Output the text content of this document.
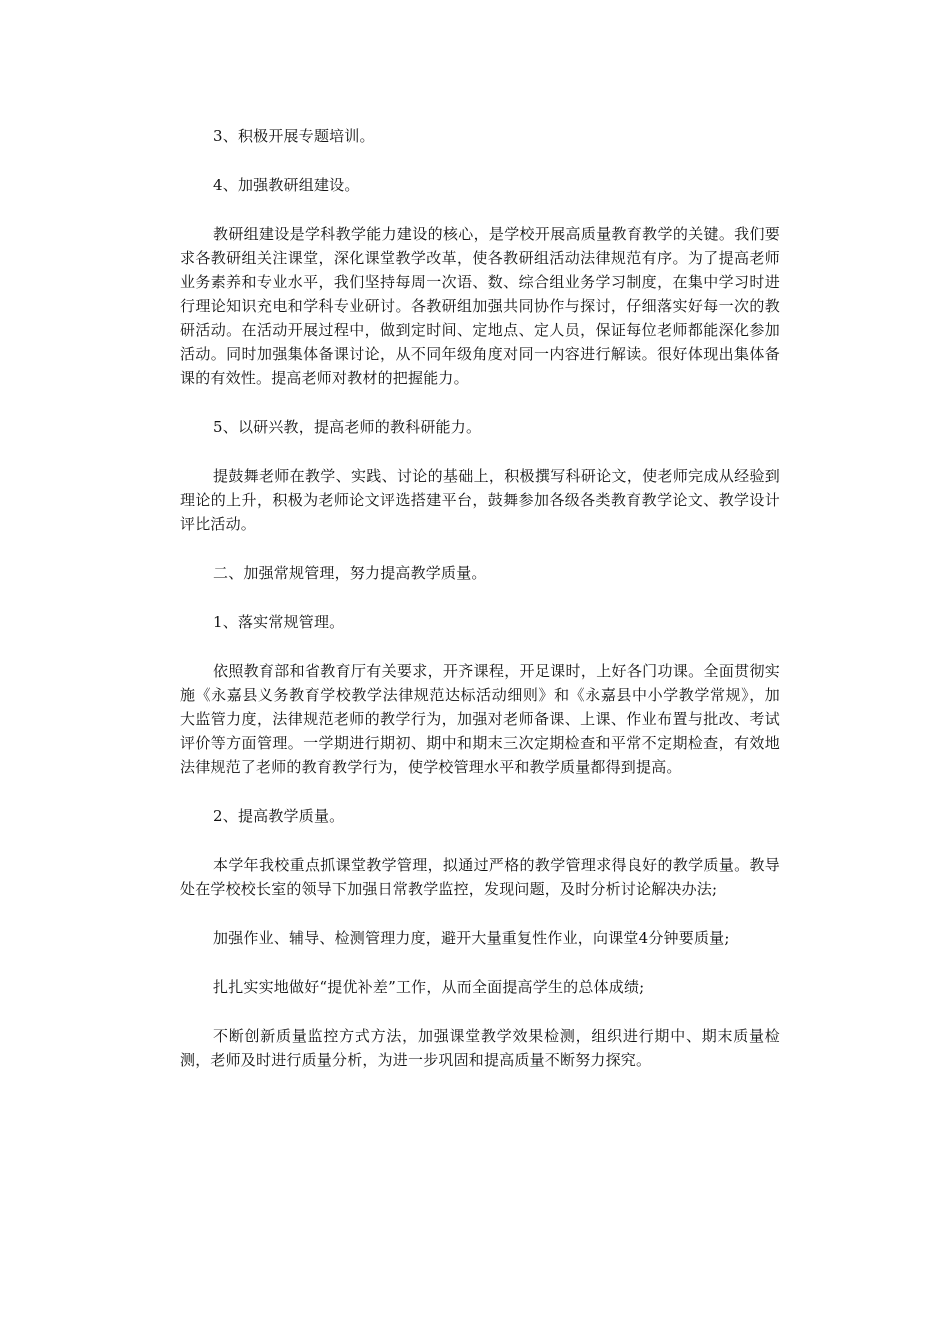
3、积极开展专题培训。

4、加强教研组建设。

教研组建设是学科教学能力建设的核心，是学校开展高质量教育教学的关键。我们要求各教研组关注课堂，深化课堂教学改革，使各教研组活动法律规范有序。为了提高老师业务素养和专业水平，我们坚持每周一次语、数、综合组业务学习制度，在集中学习时进行理论知识充电和学科专业研讨。各教研组加强共同协作与探讨，仔细落实好每一次的教研活动。在活动开展过程中，做到定时间、定地点、定人员，保证每位老师都能深化参加活动。同时加强集体备课讨论，从不同年级角度对同一内容进行解读。很好体现出集体备课的有效性。提高老师对教材的把握能力。

5、以研兴教，提高老师的教科研能力。

提鼓舞老师在教学、实践、讨论的基础上，积极撰写科研论文，使老师完成从经验到理论的上升，积极为老师论文评选搭建平台，鼓舞参加各级各类教育教学论文、教学设计评比活动。

二、加强常规管理，努力提高教学质量。

1、落实常规管理。

依照教育部和省教育厅有关要求，开齐课程，开足课时，上好各门功课。全面贯彻实施《永嘉县义务教育学校教学法律规范达标活动细则》和《永嘉县中小学教学常规》，加大监管力度，法律规范老师的教学行为，加强对老师备课、上课、作业布置与批改、考试评价等方面管理。一学期进行期初、期中和期末三次定期检查和平常不定期检查，有效地法律规范了老师的教育教学行为，使学校管理水平和教学质量都得到提高。

2、提高教学质量。

本学年我校重点抓课堂教学管理，拟通过严格的教学管理求得良好的教学质量。教导处在学校校长室的领导下加强日常教学监控，发现问题，及时分析讨论解决办法;

加强作业、辅导、检测管理力度，避开大量重复性作业，向课堂4分钟要质量;

扎扎实实地做好“提优补差”工作，从而全面提高学生的总体成绩;

不断创新质量监控方式方法，加强课堂教学效果检测，组织进行期中、期末质量检测，老师及时进行质量分析，为进一步巩固和提高质量不断努力探究。
